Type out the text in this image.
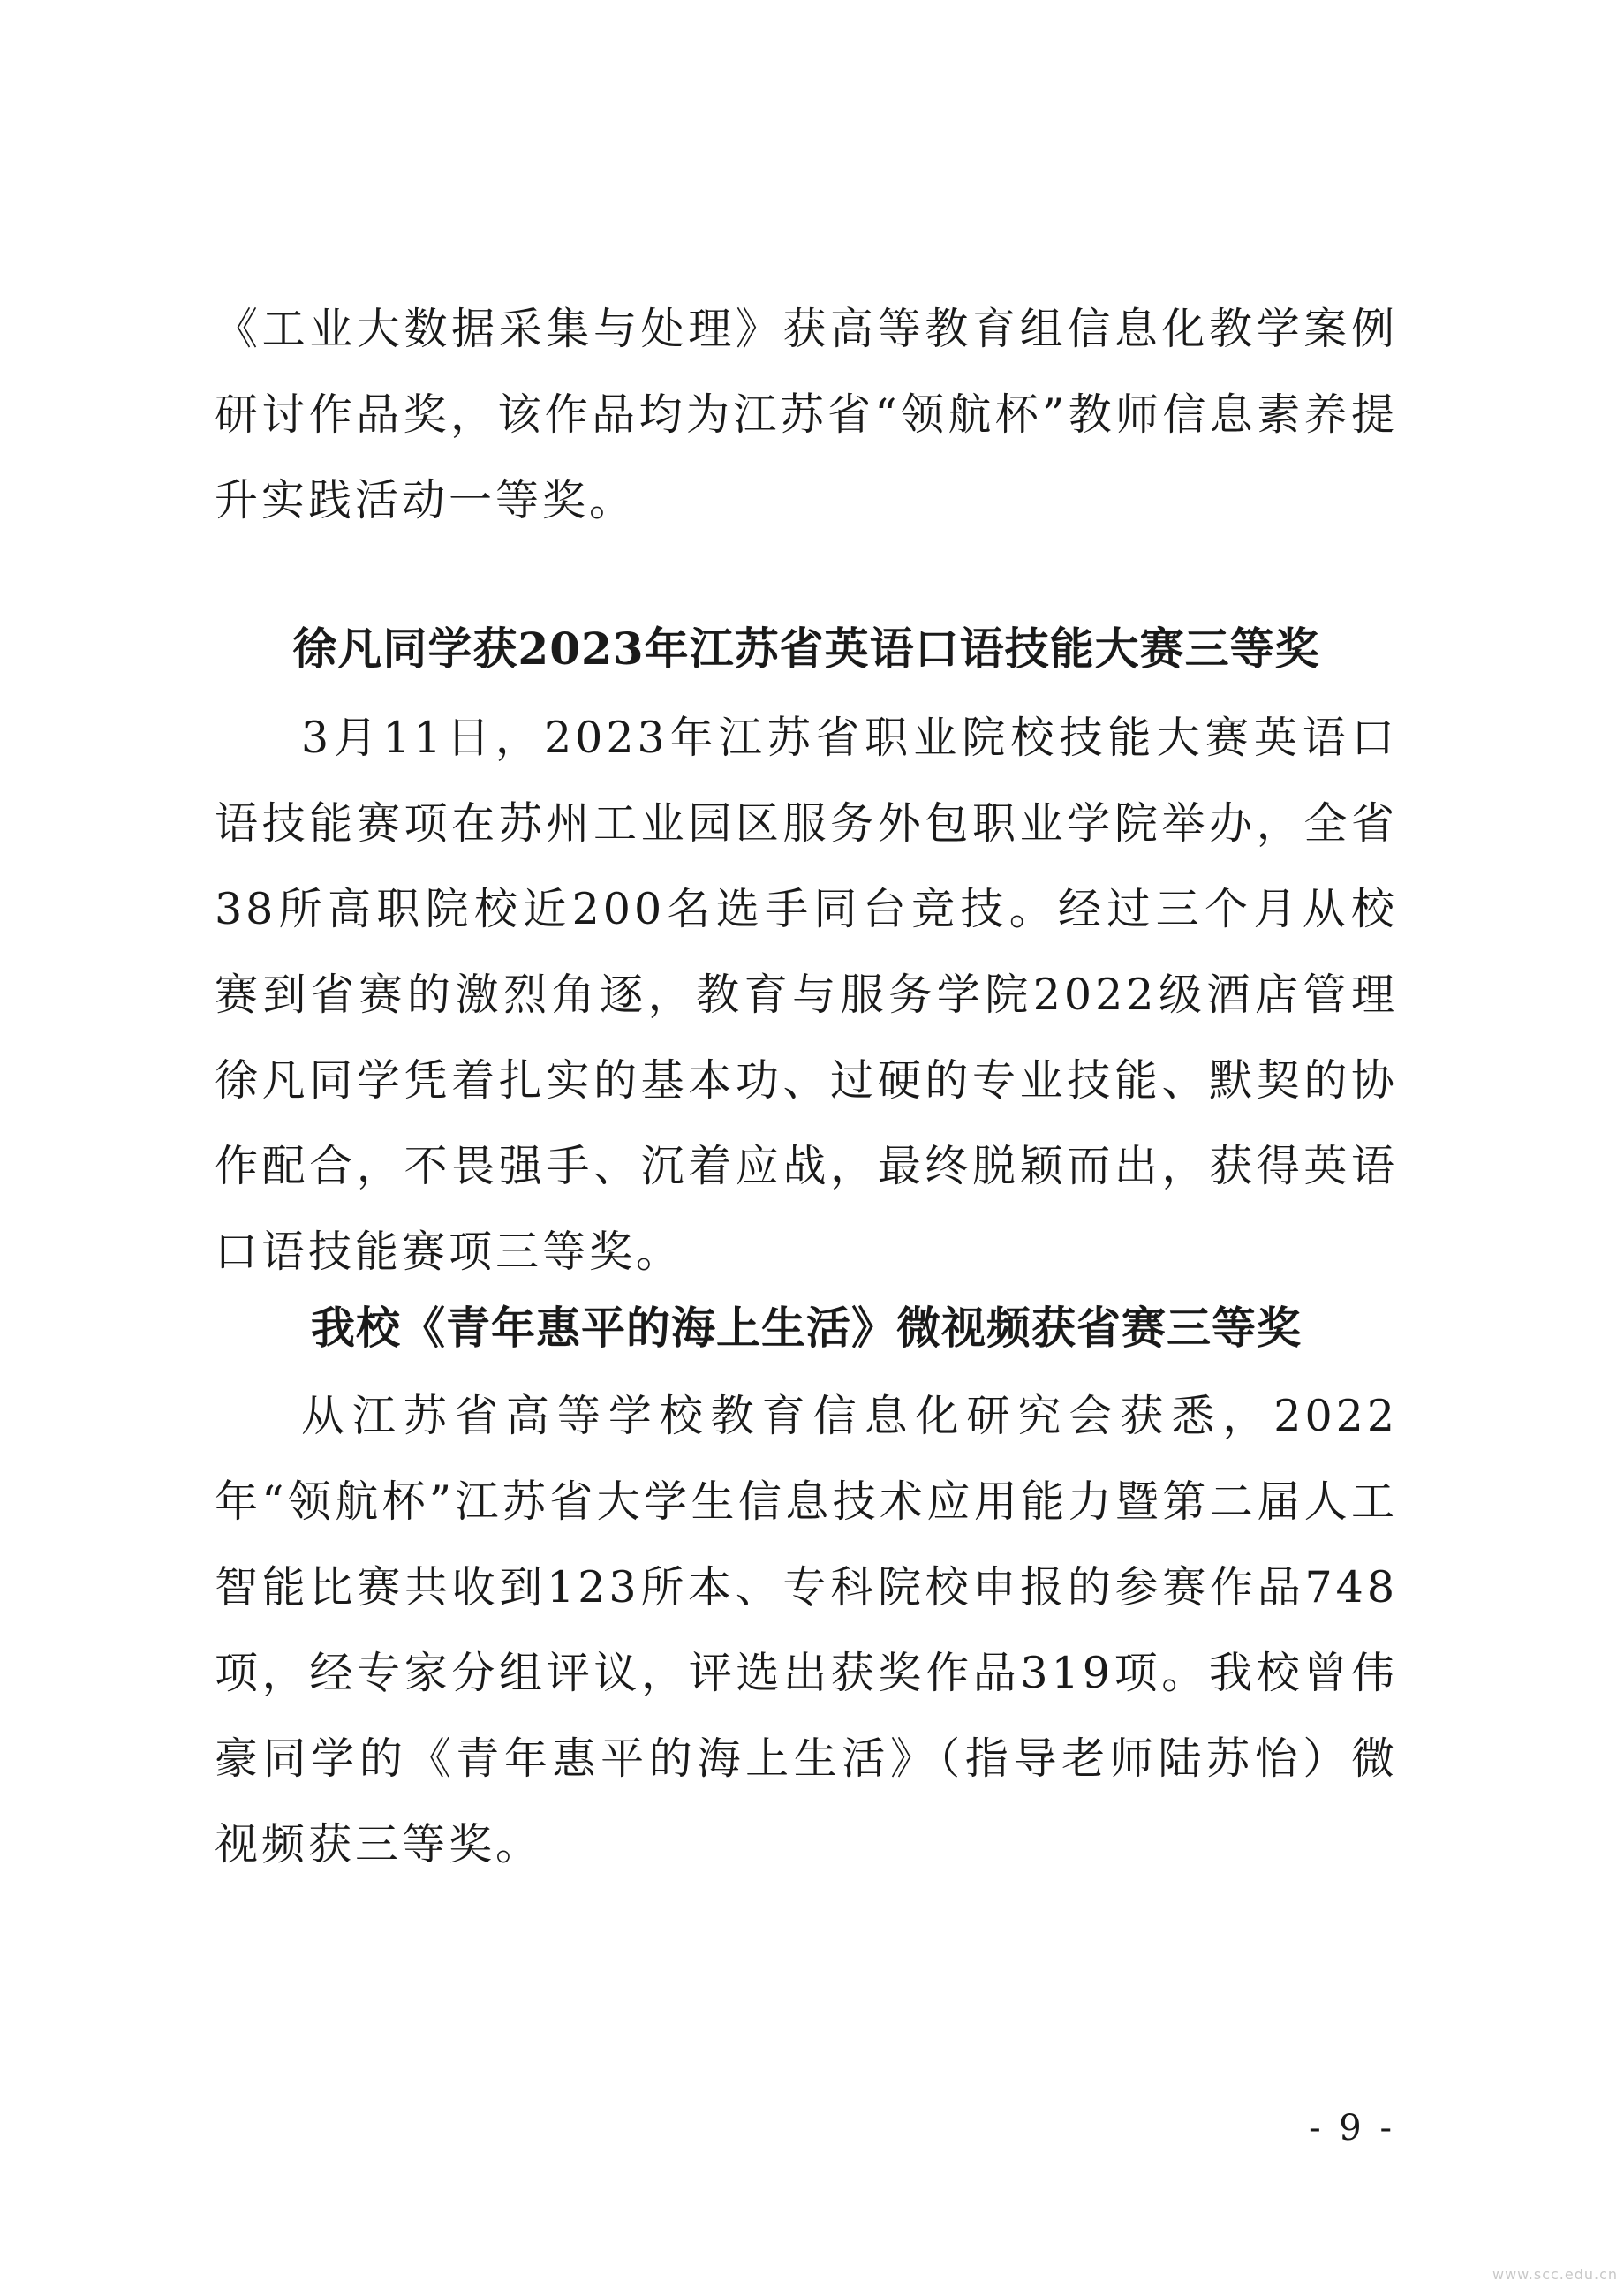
《工业大数据采集与处理》获高等教育组信息化教学案例研讨作品奖，该作品均为江苏省“领航杯”教师信息素养提升实践活动一等奖。

徐凡同学获2023年江苏省英语口语技能大赛三等奖

3月11日，2023年江苏省职业院校技能大赛英语口语技能赛项在苏州工业园区服务外包职业学院举办，全省38所高职院校近200名选手同台竞技。经过三个月从校赛到省赛的激烈角逐，教育与服务学院2022级酒店管理徐凡同学凭着扎实的基本功、过硬的专业技能、默契的协作配合，不畏强手、沉着应战，最终脱颖而出，获得英语口语技能赛项三等奖。

我校《青年惠平的海上生活》微视频获省赛三等奖

从江苏省高等学校教育信息化研究会获悉，2022年“领航杯”江苏省大学生信息技术应用能力暨第二届人工智能比赛共收到123所本、专科院校申报的参赛作品748项，经专家分组评议，评选出获奖作品319项。我校曾伟豪同学的《青年惠平的海上生活》（指导老师陆苏怡）微视频获三等奖。

- 9 -
www.scc.edu.cn
